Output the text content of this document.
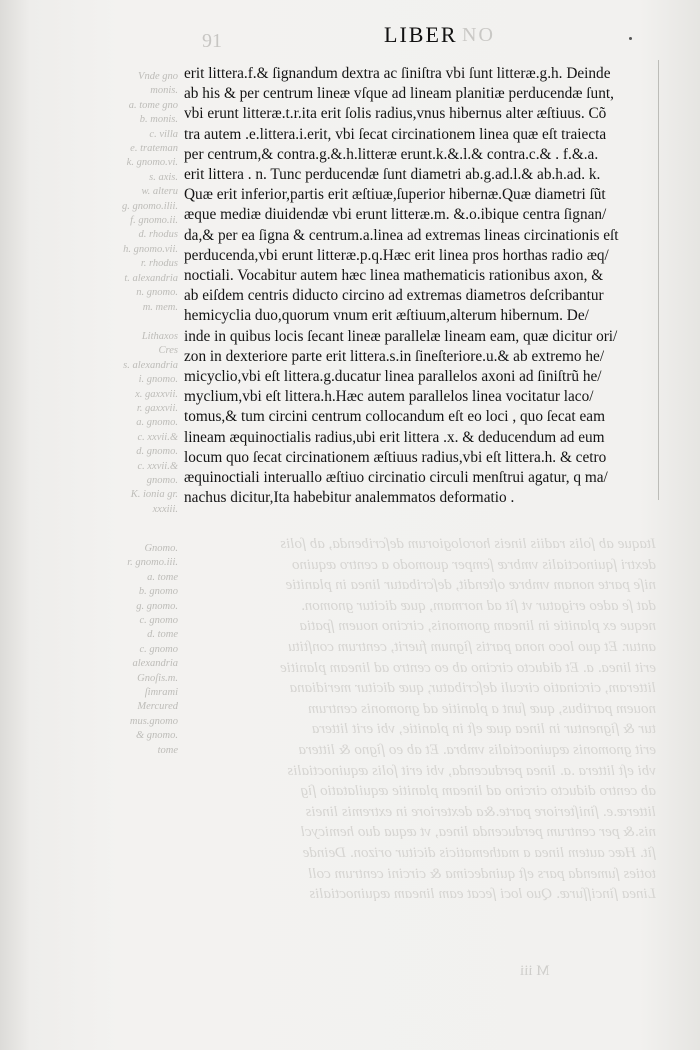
91	LIBER NO
Vnde gno
monis.
a. tome gno
b. monis.
c. villa
e. trateman
k. gnomo.vi.
s. axis.
w. alteru
g. gnomo.ilii.
f. gnomo.ii.
d. rhodus
h. gnomo.vii.
r. rhodus
t. alexandria
n. gnomo.
m. mem.
Lithaxos
Cres
s. alexandria
i. gnomo.
x. gaxxvii.
r. gaxxvii.
a. gnomo.
c. xxvii.&
d. gnomo.
c. xxvii.&
gnomo.
K. ionia gr.
xxxiii.
Gnomo.
r. gnomo.iii.
a. tome
b. gnomo
g. gnomo.
c. gnomo
d. tome
c. gnomo
alexandria
Gnoſis.m.
ſimrami
Mercured
mus.gnomo
& gnomo.
tome
erit littera.f.& ſignandum dextra ac ſiniſtra vbi ſunt litteræ.g.h. Deinde
ab his & per centrum lineæ vſque ad lineam planitiæ perducendæ ſunt,
vbi erunt litteræ.t.r.ita erit ſolis radius,vnus hibernus alter æſtiuus. Cõ
tra autem .e.littera.i.erit, vbi ſecat circinationem linea quæ eſt traiecta
per centrum,& contra.g.&.h.litteræ erunt.k.&.l.& contra.c.& . f.&.a.
erit littera . n. Tunc perducendæ ſunt diametri ab.g.ad.l.& ab.h.ad. k.
Quæ erit inferior,partis erit æſtiuæ,ſuperior hibernæ.Quæ diametri ſũt
æque mediæ diuidendæ vbi erunt litteræ.m. &.o.ibique centra ſignan/
da,& per ea ſigna & centrum.a.linea ad extremas lineas circinationis eſt
perducenda,vbi erunt litteræ.p.q.Hæc erit linea pros horthas radio æq/
noctiali. Vocabitur autem hæc linea mathematicis rationibus axon, &
ab eiſdem centris diducto circino ad extremas diametros deſcribantur
hemicyclia duo,quorum vnum erit æſtiuum,alterum hibernum. De/
inde in quibus locis ſecant lineæ parallelæ lineam eam, quæ dicitur ori/
zon in dexteriore parte erit littera.s.in ſineſteriore.u.& ab extremo he/
micyclio,vbi eſt littera.g.ducatur linea parallelos axoni ad ſiniſtrũ he/
myclium,vbi eſt littera.h.Hæc autem parallelos linea vocitatur laco/
tomus,& tum circini centrum collocandum eſt eo loci , quo ſecat eam
lineam æquinoctialis radius,ubi erit littera .x. & deducendum ad eum
locum quo ſecat circinationem æſtiuus radius,vbi eſt littera.h. & cetro
æquinoctiali interuallo æſtiuo circinatio circuli menſtrui agatur, q ma/
nachus dicitur,Ita habebitur analemmatos deformatio .
Itaque ab ſolis radiis lineis horologiorum deſcribenda, ab ſolis
dextri ſquinoctialis vmbræ ſemper quomodo a centro æquino
niſe parte nonam vmbræ oſtendit, deſcribatur linea in planitie
dat ſe adeo erigatur vt ſit ad normam, quæ dicitur gnomon.
neque ex planitie in lineam gnomonis, circino nouem ſpatia
antur. Et quo loco nona partis ſignum fuerit, centrum conſtitu
erit linea. a. Et diducto circino ab eo centro ad lineam planitie
litteram, circinatio circuli deſcribatur, quæ dicitur meridiana
nouem partibus, quæ ſunt a planitie ad gnomonis centrum
tur & ſignentur in linea quæ eſt in planitie, vbi erit littera
erit gnomonis æquinoctialis vmbra. Et ab eo ſigno & littera
vbi eſt littera .a. linea perducenda, vbi erit ſolis æquinoctialis
ab centro diducto circino ad lineam planitie æquilatatio ſig
litteræ.e. ſiniſteriore parte.&a dexteriore in extremis lineis
nis.& per centrum perducenda linea, vt æqua duo hemicycl
ſit. Hæc autem linea a mathematicis dicitur orizon. Deinde
toties ſumenda pars eſt quindecima & circini centrum coll
Linea ſinciſſuræ. Quo loci ſecat eam lineam æquinoctialis
M iii
